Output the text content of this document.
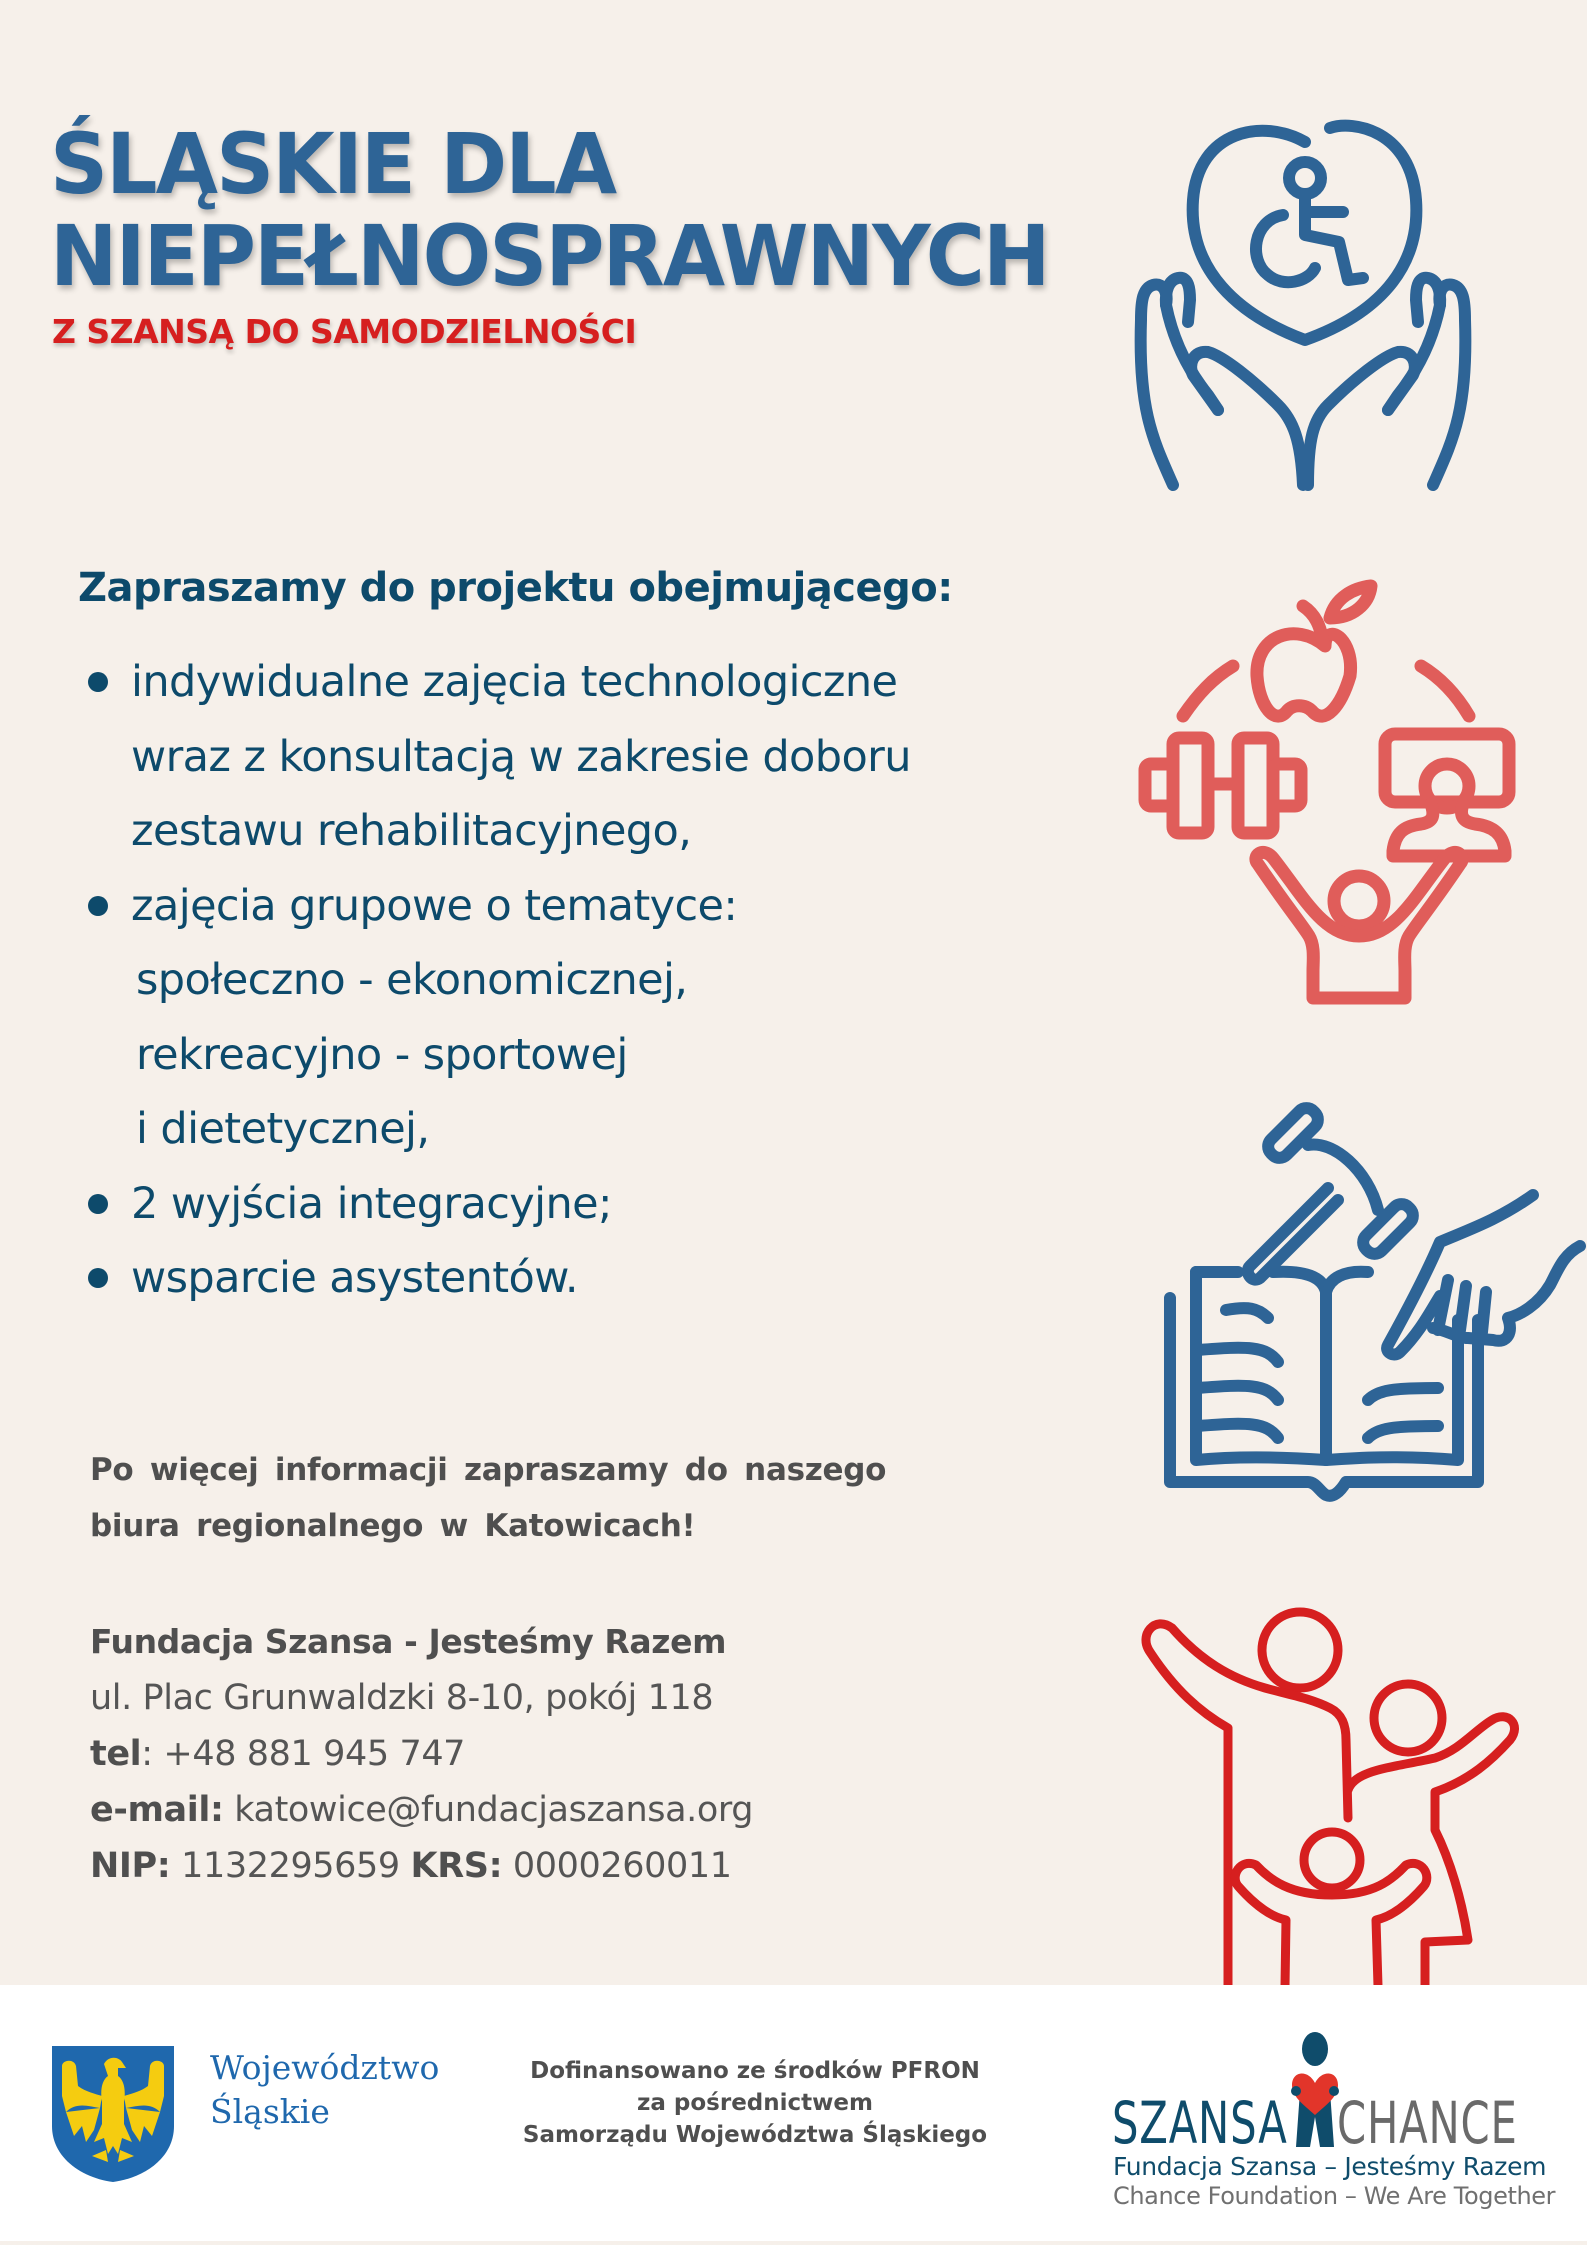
ŚLĄSKIE DLA
NIEPEŁNOSPRAWNYCH
Z SZANSĄ DO SAMODZIELNOŚCI
Zapraszamy do projektu obejmującego:
indywidualne zajęcia technologiczne
wraz z konsultacją w zakresie doboru
zestawu rehabilitacyjnego,
zajęcia grupowe o tematyce:
społeczno - ekonomicznej,
rekreacyjno - sportowej
i dietetycznej,
2 wyjścia integracyjne;
wsparcie asystentów.
Po więcej informacji zapraszamy do naszego
biura regionalnego w Katowicach!
Fundacja Szansa - Jesteśmy Razem
ul. Plac Grunwaldzki 8-10, pokój 118
tel: +48 881 945 747
e-mail: katowice@fundacjaszansa.org
NIP: 1132295659 KRS: 0000260011
Województwo
Śląskie
Dofinansowano ze środków PFRON
za pośrednictwem
Samorządu Województwa Śląskiego	SZANSA CHANCE
Fundacja Szansa – Jesteśmy Razem
Chance Foundation – We Are Together
